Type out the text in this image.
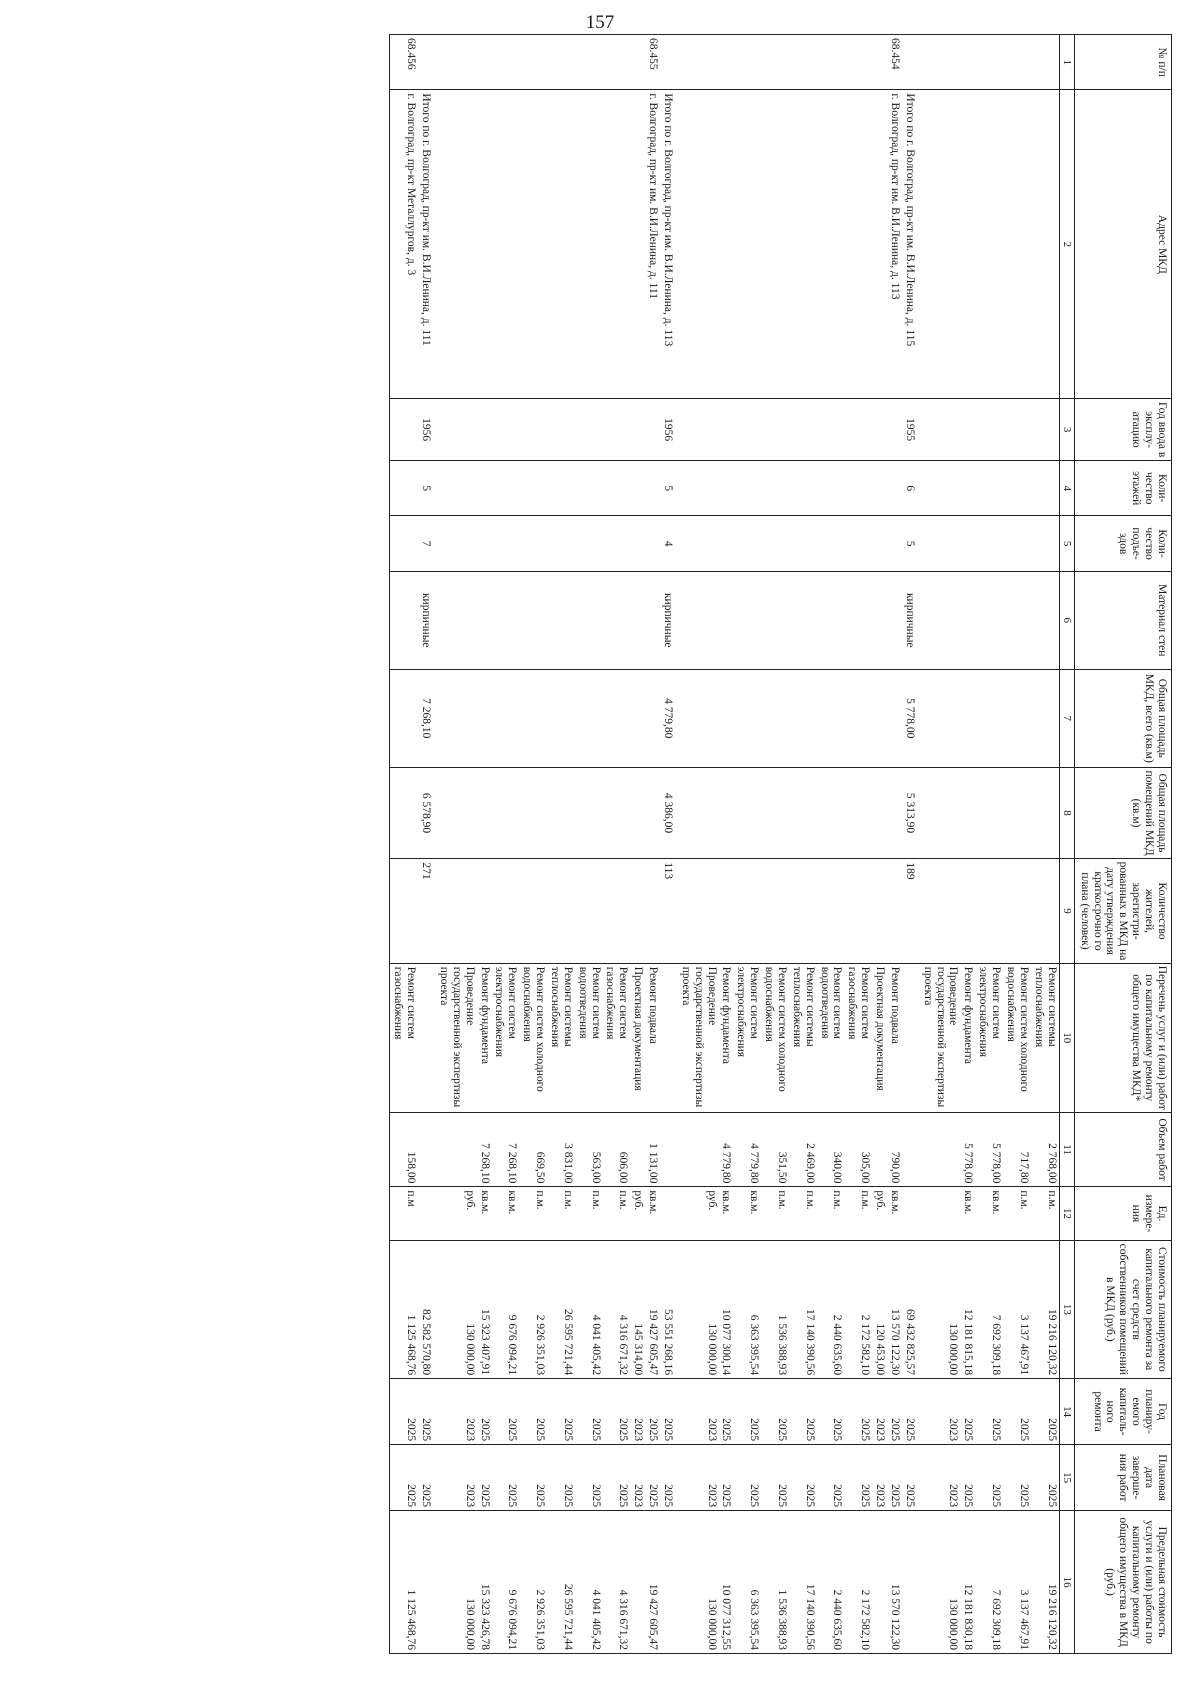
157
№ п/п	Адрес МКД	Год ввода в эксплу-атацию	Коли-чество этажей	Коли-чество подъе-здов	Материал стен	Общая площадь МКД, всего (кв.м)	Общая площадь помещений МКД (кв.м)	Количество жителей, зарегистри-рованных в МКД на дату утверждения краткосрочно го плана (человек)	Перечень услуг и (или) работ по капитальному ремонту общего имущества МКД*	Объем работ	Ед. измере-ния	Стоимость планируемого капитального ремонта за счет средств собственников помещений в МКД (руб.)	Год планиру-емого капиталь-ного ремонта	Плановая дата заверше-ния работ	Предельная стоимость услуги и (или) работы по капитальному ремонту общего имущества в МКД (руб.)
1	2	3	4	5	6	7	8	9	10	11	12	13	14	15	16
									Ремонт системы теплоснабжения	2 768,00	п.м.	19 216 120,32	2025	2025	19 216 120,32
									Ремонт систем холодного водоснабжения	717,80	п.м.	3 137 467,91	2025	2025	3 137 467,91
									Ремонт систем электроснабжения	5 778,00	кв.м.	7 692 309,18	2025	2025	7 692 309,18
									Ремонт фундамента	5 778,00	кв.м.	12 181 815,18	2025	2025	12 181 830,18
									Проведение государственной экспертизы проекта			130 000,00	2023	2023	130 000,00
	Итого по г. Волгоград, пр-кт им. В.И.Ленина, д. 115	1955	6	5	кирпичные	5 778,00	5 313,90	189				69 432 825,57	2025	2025	
68.454	г. Волгоград, пр-кт им. В.И.Ленина, д. 113								Ремонт подвала	790,00	кв.м.	13 570 122,30	2025	2025	13 570 122,30
									Проектная документация		руб.	120 453,00	2023	2023	
									Ремонт систем газоснабжения	305,00	п.м.	2 172 582,10	2025	2025	2 172 582,10
									Ремонт систем водоотведения	340,00	п.м.	2 440 635,60	2025	2025	2 440 635,60
									Ремонт системы теплоснабжения	2 469,00	п.м.	17 140 390,56	2025	2025	17 140 390,56
									Ремонт систем холодного водоснабжения	351,50	п.м.	1 536 388,93	2025	2025	1 536 388,93
									Ремонт систем электроснабжения	4 779,80	кв.м.	6 363 395,54	2025	2025	6 363 395,54
									Ремонт фундамента	4 779,80	кв.м.	10 077 300,14	2025	2025	10 077 312,55
									Проведение государственной экспертизы проекта		руб.	130 000,00	2023	2023	130 000,00
	Итого по г. Волгоград, пр-кт им. В.И.Ленина, д. 113	1956	5	4	кирпичные	4 779,80	4 386,00	113				53 551 268,16	2025	2025	
68.455	г. Волгоград, пр-кт им. В.И.Ленина, д. 111								Ремонт подвала	1 131,00	кв.м.	19 427 605,47	2025	2025	19 427 605,47
									Проектная документация		руб.	145 314,00	2023	2023	
									Ремонт систем газоснабжения	606,00	п.м.	4 316 671,32	2025	2025	4 316 671,32
									Ремонт систем водоотведения	563,00	п.м.	4 041 405,42	2025	2025	4 041 405,42
									Ремонт системы теплоснабжения	3 831,00	п.м.	26 595 721,44	2025	2025	26 595 721,44
									Ремонт систем холодного водоснабжения	669,50	п.м.	2 926 351,03	2025	2025	2 926 351,03
									Ремонт систем электроснабжения	7 268,10	кв.м.	9 676 094,21	2025	2025	9 676 094,21
									Ремонт фундамента	7 268,10	кв.м.	15 323 407,91	2025	2025	15 323 426,78
									Проведение государственной экспертизы проекта		руб.	130 000,00	2023	2023	130 000,00
	Итого по г. Волгоград, пр-кт им. В.И.Ленина, д. 111	1956	5	7	кирпичные	7 268,10	6 578,90	271				82 582 570,80	2025	2025	
68.456	г. Волгоград, пр-кт Металлургов, д. 3								Ремонт систем газоснабжения	158,00	п.м	1 125 468,76	2025	2025	1 125 468,76
